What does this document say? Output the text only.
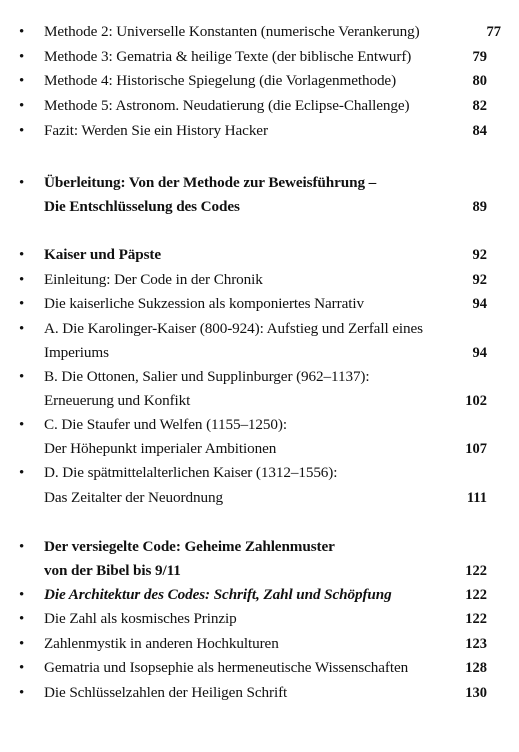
•
Methode 2: Universelle Konstanten (numerische Verankerung)	77
•
Methode 3: Gematria & heilige Texte (der biblische Entwurf)	79
•
Methode 4: Historische Spiegelung (die Vorlagenmethode)	80
•
Methode 5: Astronom. Neudatierung (die Eclipse-Challenge)	82
•
Fazit: Werden Sie ein History Hacker	84
•
Überleitung: Von der Methode zur Beweisführung –
Die Entschlüsselung des Codes	89
•
Kaiser und Päpste	92
•
Einleitung: Der Code in der Chronik	92
•
Die kaiserliche Sukzession als komponiertes Narrativ	94
•
A. Die Karolinger-Kaiser (800-924): Aufstieg und Zerfall eines
Imperiums	94
•
B. Die Ottonen, Salier und Supplinburger (962–1137):
Erneuerung und Konfikt	102
•
C. Die Staufer und Welfen (1155–1250):
Der Höhepunkt imperialer Ambitionen	107
•
D. Die spätmittelalterlichen Kaiser (1312–1556):
Das Zeitalter der Neuordnung	111
•
Der versiegelte Code: Geheime Zahlenmuster
von der Bibel bis 9/11	122
•
Die Architektur des Codes: Schrift, Zahl und Schöpfung	122
•
Die Zahl als kosmisches Prinzip	122
•
Zahlenmystik in anderen Hochkulturen	123
•
Gematria und Isopsephie als hermeneutische Wissenschaften	128
•
Die Schlüsselzahlen der Heiligen Schrift	130
